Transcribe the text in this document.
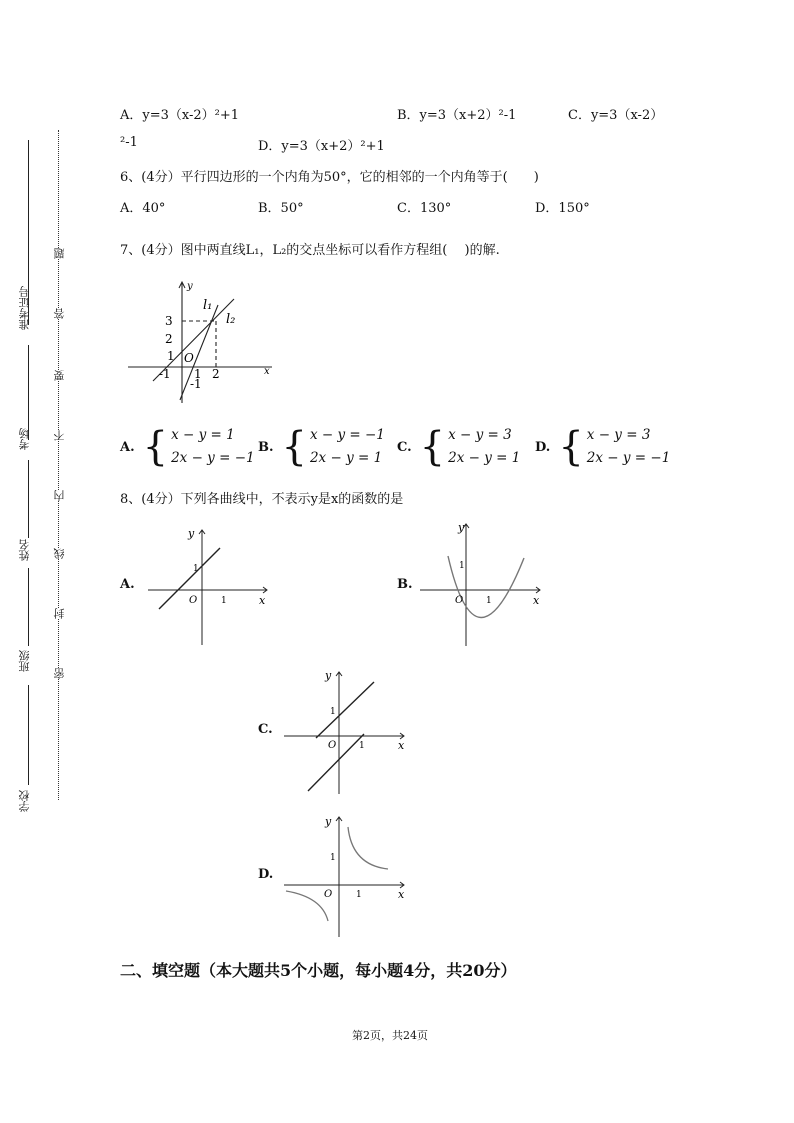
准考证号
考场
姓名
班级
学校
题
答
要
不
内
线
封
密
A．y=3（x-2）²+1	B．y=3（x+2）²-1	C．y=3（x-2）
²-1	D．y=3（x+2）²+1
6、(4分）平行四边形的一个内角为50°，它的相邻的一个内角等于(　　)
A．40°	B．50°	C．130°	D．150°
7、(4分）图中两直线L₁，L₂的交点坐标可以看作方程组(　 )的解.
y
x
l₁
l₂
3
2
1 O
-1 1 2
-1
A. { x − y = 1
2x − y = −1
B. { x − y = −1
2x − y = 1
C. { x − y = 3
2x − y = 1
D. { x − y = 3
2x − y = −1
8、(4分）下列各曲线中，不表示y是x的函数的是
A.
y
x
O	1
1
B.
y
x
O	1
1
C.
y
x
O	1
1
D.
y
x
O	1
1
二、填空题（本大题共5个小题，每小题4分，共20分）
第2页，共24页
